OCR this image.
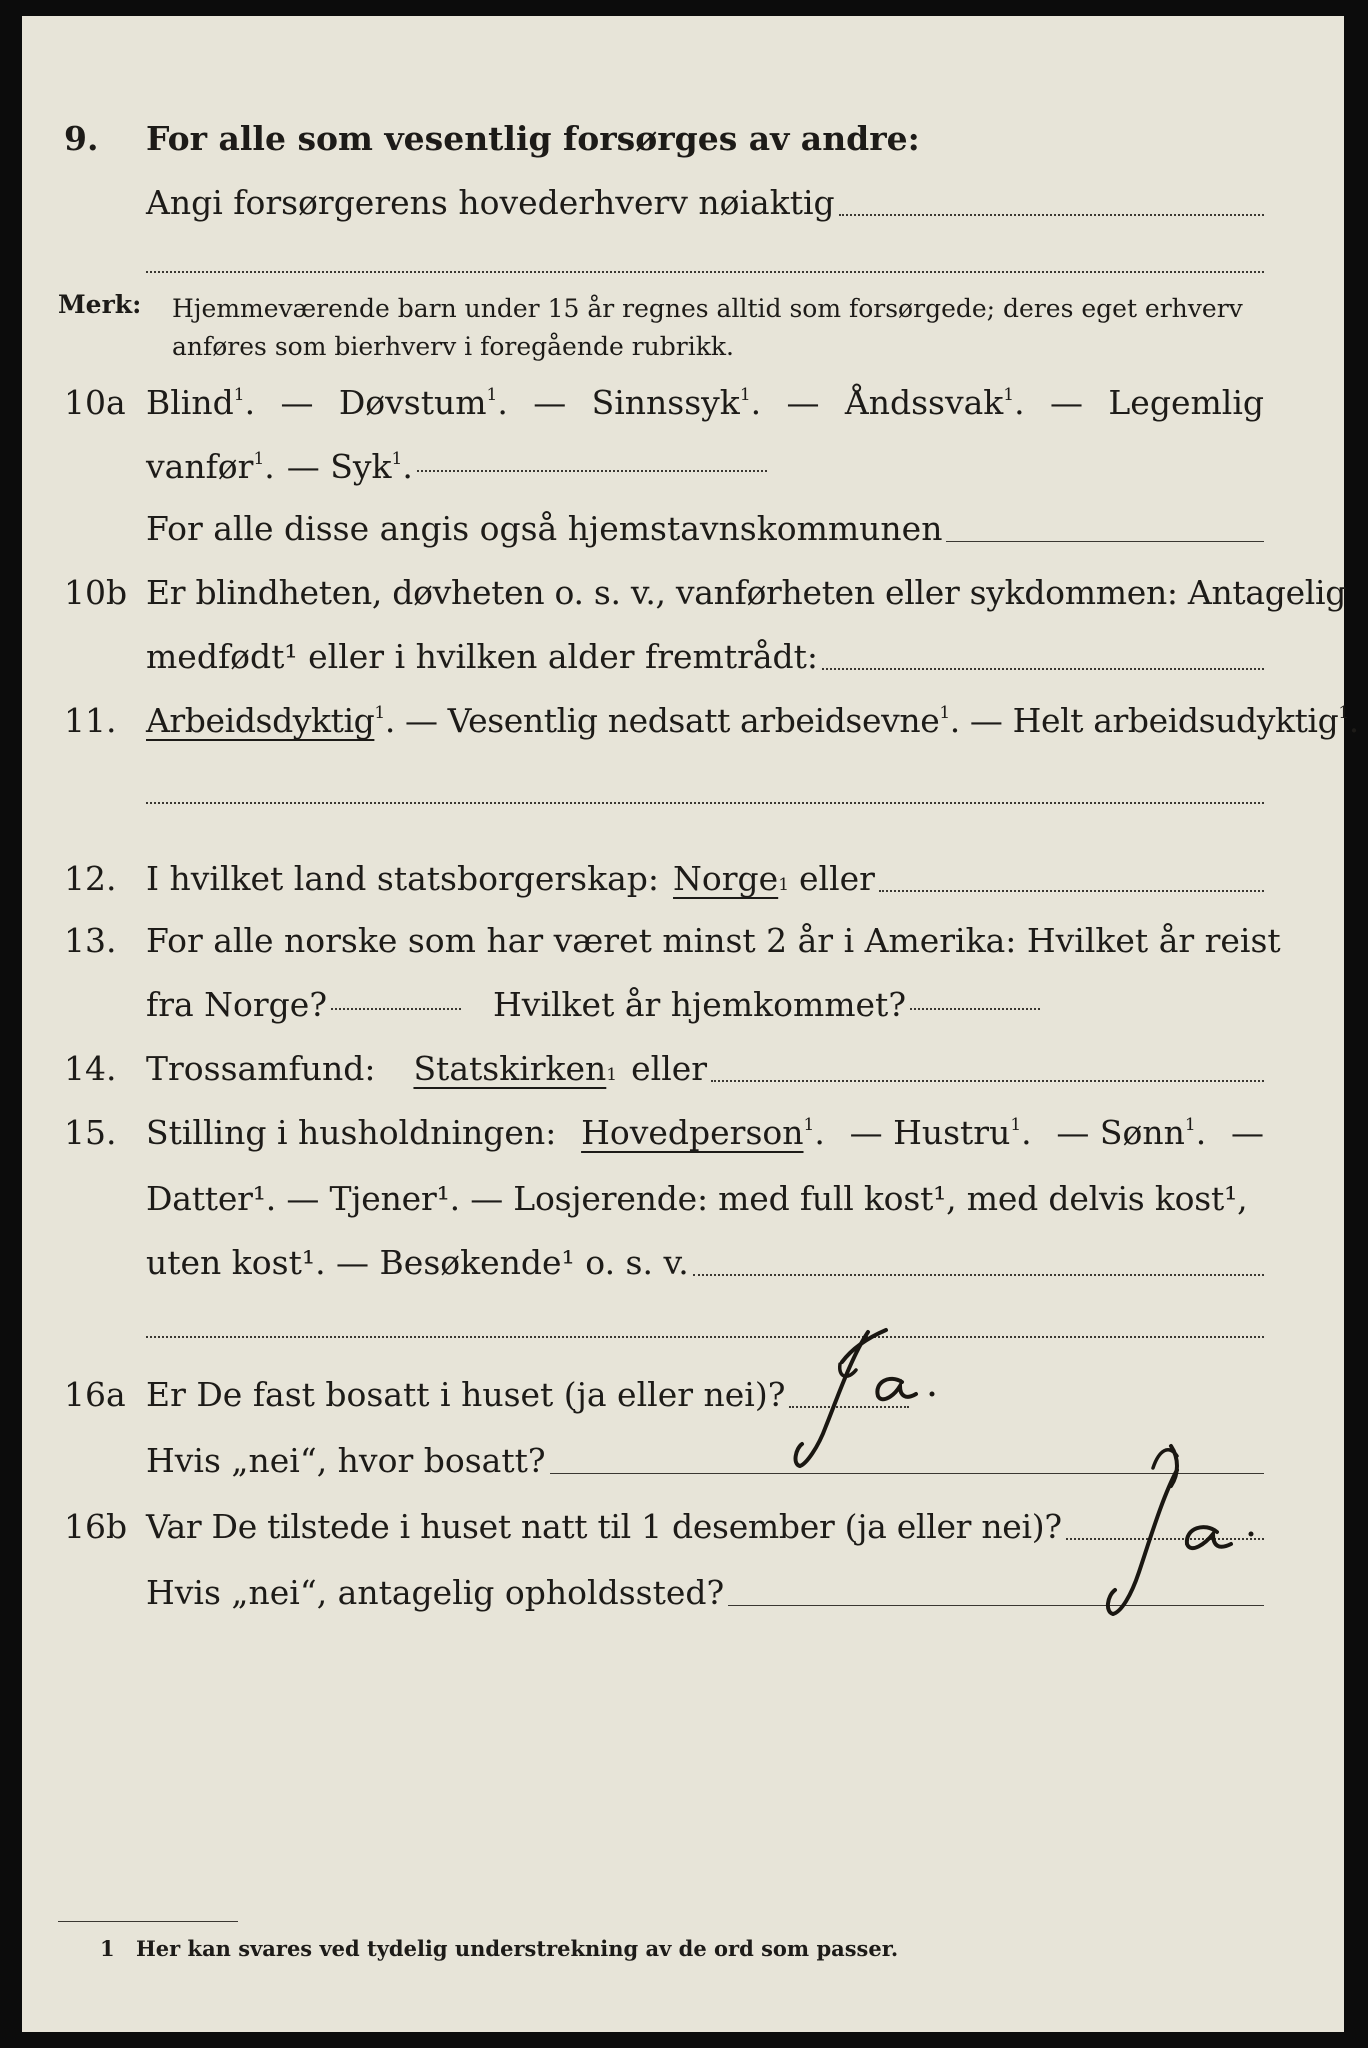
9. For alle som vesentlig forsørges av andre:
Angi forsørgerens hovederhverv nøiaktig
Merk: Hjemmeværende barn under 15 år regnes alltid som forsørgede; deres eget erhverv anføres som bierhverv i foregående rubrikk.
10a Blind$^1$. — Døvstum$^1$. — Sinnssyk$^1$. — Åndssvak$^1$. — Legemlig
vanfør$^1$. — Syk$^1$.
For alle disse angis også hjemstavnskommunen
10b Er blindheten, døvheten o. s. v., vanførheten eller sykdommen: Antagelig
medfødt¹ eller i hvilken alder fremtrådt:
11. Arbeidsdyktig$^1$. — Vesentlig nedsatt arbeidsevne$^1$. — Helt arbeidsudyktig$^1$.
12. I hvilket land statsborgerskap: Norge 1 eller
13. For alle norske som har været minst 2 år i Amerika: Hvilket år reist
fra Norge?	Hvilket år hjemkommet?
14. Trossamfund: Statskirken 1 eller
15. Stilling i husholdningen: Hovedperson$^1$. — Hustru$^1$. — Sønn$^1$. —
Datter¹. — Tjener¹. — Losjerende: med full kost¹, med delvis kost¹,
uten kost¹. — Besøkende¹ o. s. v.
16a Er De fast bosatt i huset (ja eller nei)?
Hvis „nei“, hvor bosatt?
16b Var De tilstede i huset natt til 1 desember (ja eller nei)?
Hvis „nei“, antagelig opholdssted?
1 Her kan svares ved tydelig understrekning av de ord som passer.
